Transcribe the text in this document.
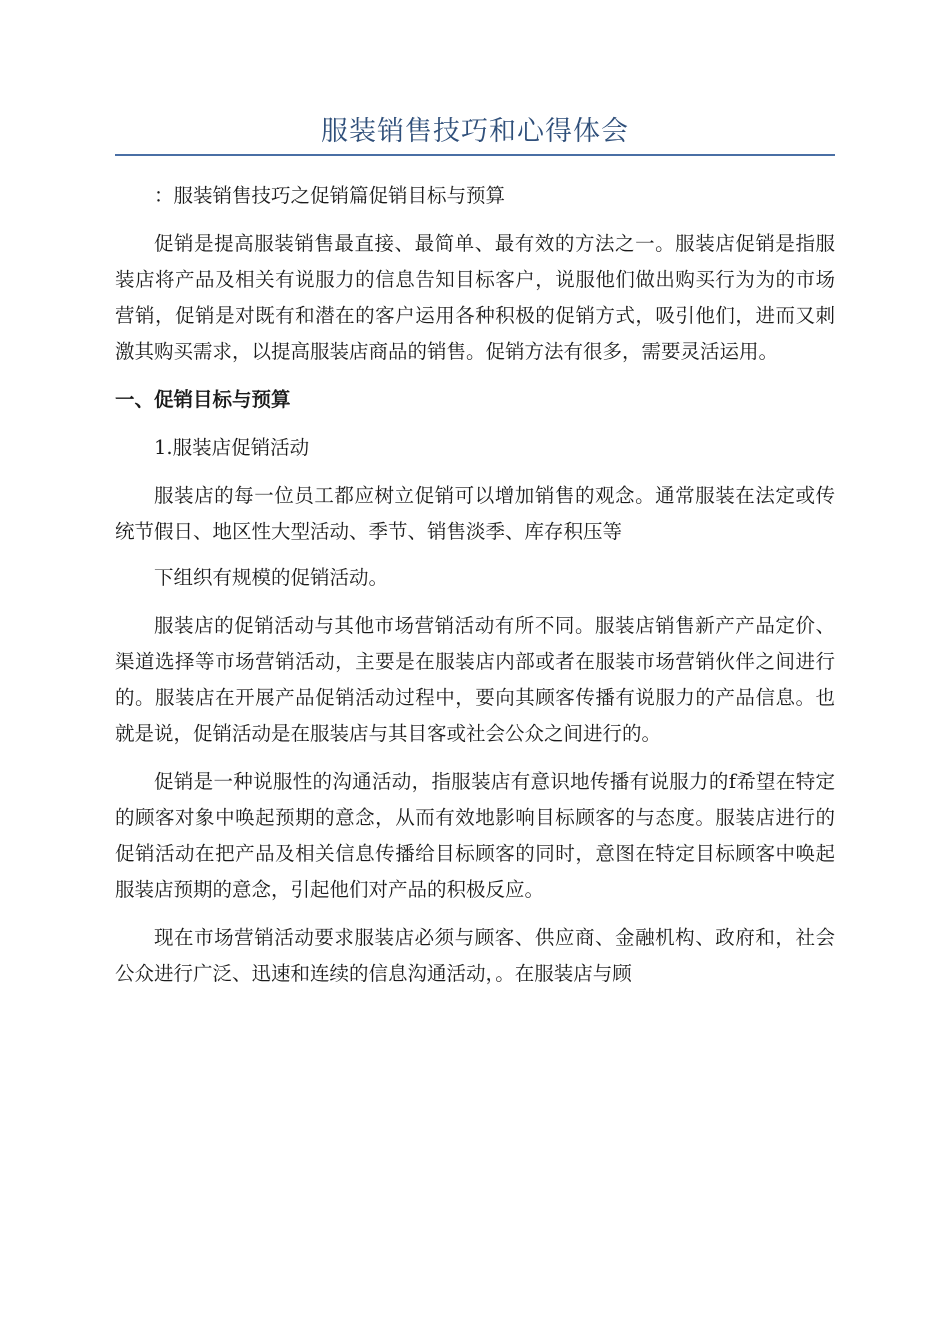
服装销售技巧和心得体会

：服装销售技巧之促销篇促销目标与预算

促销是提高服装销售最直接、最简单、最有效的方法之一。服装店促销是指服装店将产品及相关有说服力的信息告知目标客户，说服他们做出购买行为为的市场营销，促销是对既有和潜在的客户运用各种积极的促销方式，吸引他们，进而又刺激其购买需求，以提高服装店商品的销售。促销方法有很多，需要灵活运用。

一、促销目标与预算

1.服装店促销活动

服装店的每一位员工都应树立促销可以增加销售的观念。通常服装在法定或传统节假日、地区性大型活动、季节、销售淡季、库存积压等

下组织有规模的促销活动。

服装店的促销活动与其他市场营销活动有所不同。服装店销售新产产品定价、渠道选择等市场营销活动，主要是在服装店内部或者在服装市场营销伙伴之间进行的。服装店在开展产品促销活动过程中，要向其顾客传播有说服力的产品信息。也就是说，促销活动是在服装店与其目客或社会公众之间进行的。

促销是一种说服性的沟通活动，指服装店有意识地传播有说服力的f希望在特定的顾客对象中唤起预期的意念，从而有效地影响目标顾客的与态度。服装店进行的促销活动在把产品及相关信息传播给目标顾客的同时，意图在特定目标顾客中唤起服装店预期的意念，引起他们对产品的积极反应。

现在市场营销活动要求服装店必须与顾客、供应商、金融机构、政府和，社会公众进行广泛、迅速和连续的信息沟通活动，。在服装店与顾
